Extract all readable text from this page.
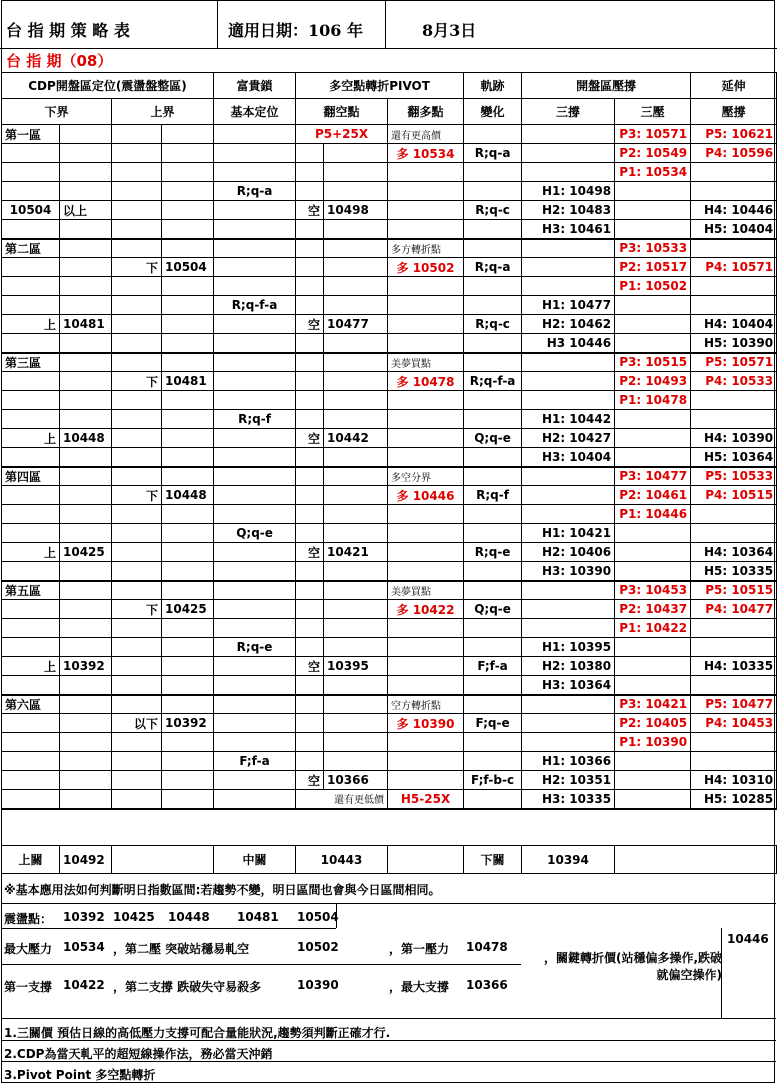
台 指 期 策 略 表	適用日期：106 年	8月3日
台 指 期（08）
CDP開盤區定位(震盪盤整區)				富貴鎖	多空點轉折PIVOT			軌跡	開盤區壓撐		延伸
下界		上界		基本定位	翻空點		翻多點	變化	三撐	三壓	壓撐
第一區					P5+25X		還有更高價			P3: 10571	P5: 10621
							多 10534	R;q-a		P2: 10549	P4: 10596
										P1: 10534	
				R;q-a					H1: 10498		
10504	以上				空	10498		R;q-c	H2: 10483		H4: 10446
									H3: 10461		H5: 10404
第二區							多方轉折點			P3: 10533	
		下	10504				多 10502	R;q-a		P2: 10517	P4: 10571
										P1: 10502	
				R;q-f-a					H1: 10477		
上	10481				空	10477		R;q-c	H2: 10462		H4: 10404
									H3 10446		H5: 10390
第三區							美夢買點			P3: 10515	P5: 10571
		下	10481				多 10478	R;q-f-a		P2: 10493	P4: 10533
										P1: 10478	
				R;q-f					H1: 10442		
上	10448				空	10442		Q;q-e	H2: 10427		H4: 10390
									H3: 10404		H5: 10364
第四區							多空分界			P3: 10477	P5: 10533
		下	10448				多 10446	R;q-f		P2: 10461	P4: 10515
										P1: 10446	
				Q;q-e					H1: 10421		
上	10425				空	10421		R;q-e	H2: 10406		H4: 10364
									H3: 10390		H5: 10335
第五區							美夢買點			P3: 10453	P5: 10515
		下	10425				多 10422	Q;q-e		P2: 10437	P4: 10477
										P1: 10422	
				R;q-e					H1: 10395		
上	10392				空	10395		F;f-a	H2: 10380		H4: 10335
									H3: 10364		
第六區							空方轉折點			P3: 10421	P5: 10477
		以下	10392				多 10390	F;q-e		P2: 10405	P4: 10453
										P1: 10390	
				F;f-a					H1: 10366		
					空	10366		F;f-b-c	H2: 10351		H4: 10310
					還有更低價		H5-25X		H3: 10335		H5: 10285
上關	10492		中關	10443		下關	10394	
※基本應用法如何判斷明日指數區間:若趨勢不變，明日區間也會與今日區間相同。
震盪點： 10392 10425 10448 10481 10504
最大壓力 10534 ，第二壓 突破站穩易軋空	10502	，第一壓力 10478
10446
第一支撐 10422 ，第二支撐 跌破失守易殺多	10390	，最大支撐 10366
，關鍵轉折價(站穩偏多操作,跌破就偏空操作)
1.三關價 預估日線的高低壓力支撐可配合量能狀況,趨勢須判斷正確才行.
2.CDP為當天軋平的超短線操作法，務必當天沖銷
3.Pivot Point 多空點轉折
